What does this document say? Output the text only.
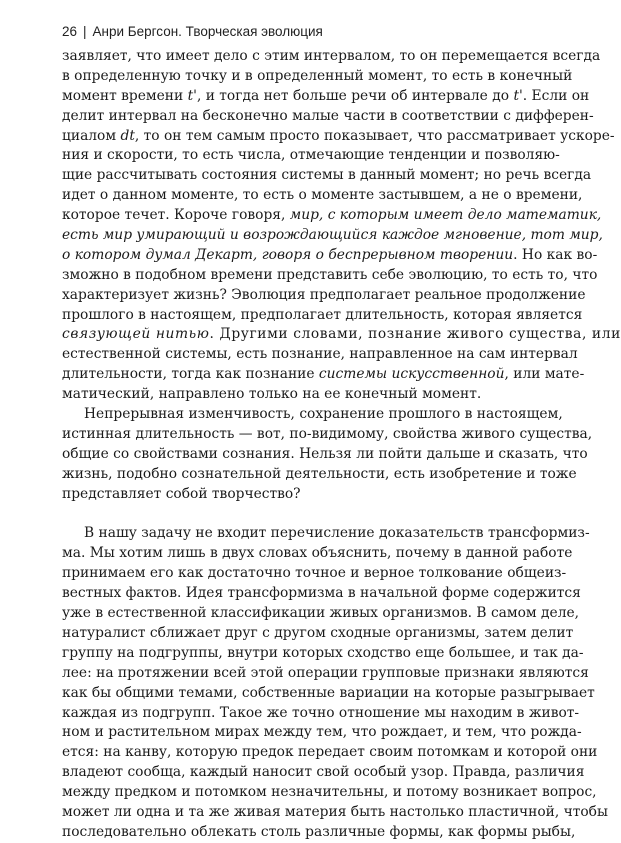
26 | Анри Бергсон. Творческая эволюция
заявляет, что имеет дело с этим интервалом, то он перемещается всегда
в определенную точку и в определенный момент, то есть в конечный
момент времени t', и тогда нет больше речи об интервале до t'. Если он
делит интервал на бесконечно малые части в соответствии с дифферен-
циалом dt, то он тем самым просто показывает, что рассматривает ускоре-
ния и скорости, то есть числа, отмечающие тенденции и позволяю-
щие рассчитывать состояния системы в данный момент; но речь всегда
идет о данном моменте, то есть о моменте застывшем, а не о времени,
которое течет. Короче говоря, мир, с которым имеет дело математик,
есть мир умирающий и возрождающийся каждое мгновение, тот мир,
о котором думал Декарт, говоря о беспрерывном творении. Но как во-
зможно в подобном времени представить себе эволюцию, то есть то, что
характеризует жизнь? Эволюция предполагает реальное продолжение
прошлого в настоящем, предполагает длительность, которая является
связующей нитью. Другими словами, познание живого существа, или
естественной системы, есть познание, направленное на сам интервал
длительности, тогда как познание системы искусственной, или мате-
матический, направлено только на ее конечный момент.
Непрерывная изменчивость, сохранение прошлого в настоящем,
истинная длительность — вот, по-видимому, свойства живого существа,
общие со свойствами сознания. Нельзя ли пойти дальше и сказать, что
жизнь, подобно сознательной деятельности, есть изобретение и тоже
представляет собой творчество?
В нашу задачу не входит перечисление доказательств трансформиз-
ма. Мы хотим лишь в двух словах объяснить, почему в данной работе
принимаем его как достаточно точное и верное толкование общеиз-
вестных фактов. Идея трансформизма в начальной форме содержится
уже в естественной классификации живых организмов. В самом деле,
натуралист сближает друг с другом сходные организмы, затем делит
группу на подгруппы, внутри которых сходство еще большее, и так да-
лее: на протяжении всей этой операции групповые признаки являются
как бы общими темами, собственные вариации на которые разыгрывает
каждая из подгрупп. Такое же точно отношение мы находим в живот-
ном и растительном мирах между тем, что рождает, и тем, что рожда-
ется: на канву, которую предок передает своим потомкам и которой они
владеют сообща, каждый наносит свой особый узор. Правда, различия
между предком и потомком незначительны, и потому возникает вопрос,
может ли одна и та же живая материя быть настолько пластичной, чтобы
последовательно облекать столь различные формы, как формы рыбы,
